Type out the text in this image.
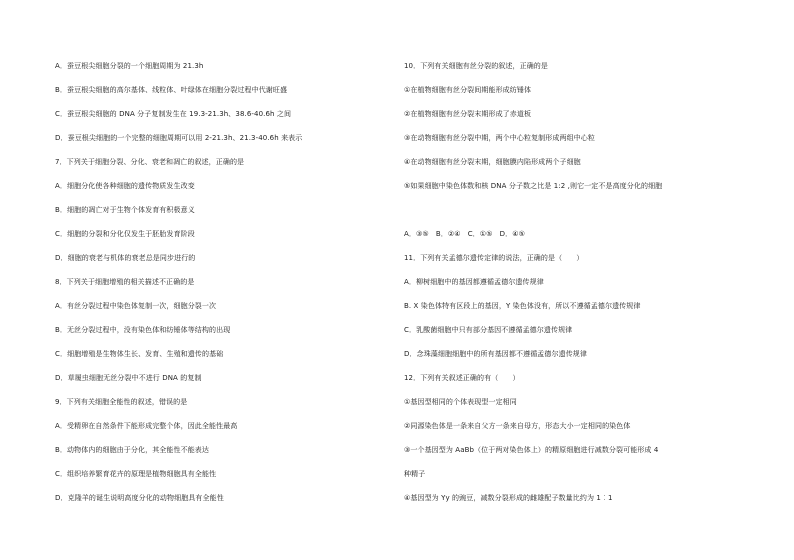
A．蚕豆根尖细胞分裂的一个细胞周期为 21.3h
B．蚕豆根尖细胞的高尔基体、线粒体、叶绿体在细胞分裂过程中代谢旺盛
C．蚕豆根尖细胞的 DNA 分子复制发生在 19.3-21.3h、38.6-40.6h 之间
D．蚕豆根尖细胞的一个完整的细胞周期可以用 2-21.3h、21.3-40.6h 来表示
7．下列关于细胞分裂、分化、衰老和凋亡的叙述，正确的是
A．细胞分化使各种细胞的遗传物质发生改变
B．细胞的凋亡对于生物个体发育有积极意义
C．细胞的分裂和分化仅发生于胚胎发育阶段
D．细胞的衰老与机体的衰老总是同步进行的
8．下列关于细胞增殖的相关描述不正确的是
A．有丝分裂过程中染色体复制一次，细胞分裂一次
B．无丝分裂过程中，没有染色体和纺锤体等结构的出现
C．细胞增殖是生物体生长、发育、生殖和遗传的基础
D．草履虫细胞无丝分裂中不进行 DNA 的复制
9．下列有关细胞全能性的叙述，错误的是
A．受精卵在自然条件下能形成完整个体，因此全能性最高
B．动物体内的细胞由于分化，其全能性不能表达
C．组织培养繁育花卉的原理是植物细胞具有全能性
D．克隆羊的诞生说明高度分化的动物细胞具有全能性
10．下列有关细胞有丝分裂的叙述，正确的是
①在植物细胞有丝分裂间期能形成纺锤体
②在植物细胞有丝分裂末期形成了赤道板
③在动物细胞有丝分裂中期，两个中心粒复制形成两组中心粒
④在动物细胞有丝分裂末期，细胞膜内陷形成两个子细胞
⑤如果细胞中染色体数和核 DNA 分子数之比是 1:2 ,则它一定不是高度分化的细胞
A．③⑤　B．②④　C．①⑤　D．④⑤
11．下列有关孟德尔遗传定律的说法，正确的是（　　）
A．柳树细胞中的基因都遵循孟德尔遗传规律
B. X 染色体特有区段上的基因，Y 染色体没有，所以不遵循孟德尔遗传规律
C．乳酸菌细胞中只有部分基因不遵循孟德尔遗传规律
D．念珠藻细胞细胞中的所有基因都不遵循孟德尔遗传规律
12．下列有关叙述正确的有（　　）
①基因型相同的个体表现型一定相同
②同源染色体是一条来自父方一条来自母方，形态大小一定相同的染色体
③一个基因型为 AaBb（位于两对染色体上）的精原细胞进行减数分裂可能形成 4
种精子
④基因型为 Yy 的豌豆，减数分裂形成的雌雄配子数量比约为 1︰1
